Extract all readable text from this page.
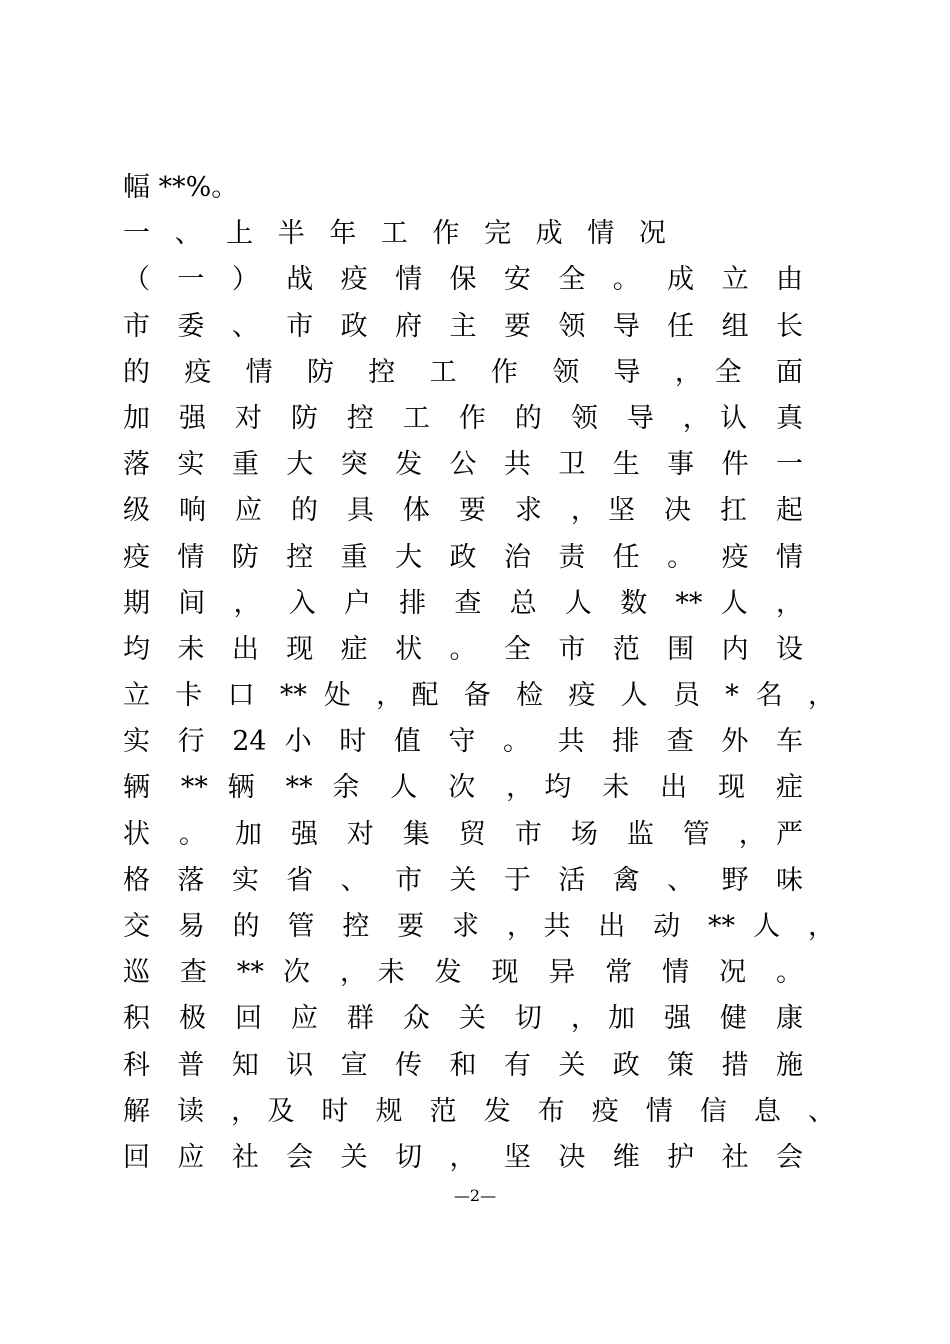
幅 **%。
一 、 上 半 年 工 作 完 成 情 况
（ 一 ） 战 疫 情 保 安 全 。 成 立 由
市 委 、 市 政 府 主 要 领 导 任 组 长
的 疫 情 防 控 工 作 领 导 ，全 面
加 强 对 防 控 工 作 的 领 导 ，认 真
落 实 重 大 突 发 公 共 卫 生 事 件 一
级 响 应 的 具 体 要 求 ，坚 决 扛 起
疫 情 防 控 重 大 政 治 责 任 。 疫 情
期 间 ， 入 户 排 查 总 人 数 ** 人 ，
均 未 出 现 症 状 。 全 市 范 围 内 设
立 卡 口 ** 处 ，配 备 检 疫 人 员 * 名 ，
实 行 24 小 时 值 守 。 共 排 查 外 车
辆 ** 辆 ** 余 人 次 ，均 未 出 现 症
状 。 加 强 对 集 贸 市 场 监 管 ，严
格 落 实 省 、 市 关 于 活 禽 、 野 味
交 易 的 管 控 要 求 ，共 出 动 ** 人 ，
巡 查 ** 次 ，未 发 现 异 常 情 况 。
积 极 回 应 群 众 关 切 ，加 强 健 康
科 普 知 识 宣 传 和 有 关 政 策 措 施
解 读 ，及 时 规 范 发 布 疫 情 信 息 、
回 应 社 会 关 切 ， 坚 决 维 护 社 会
—2—
